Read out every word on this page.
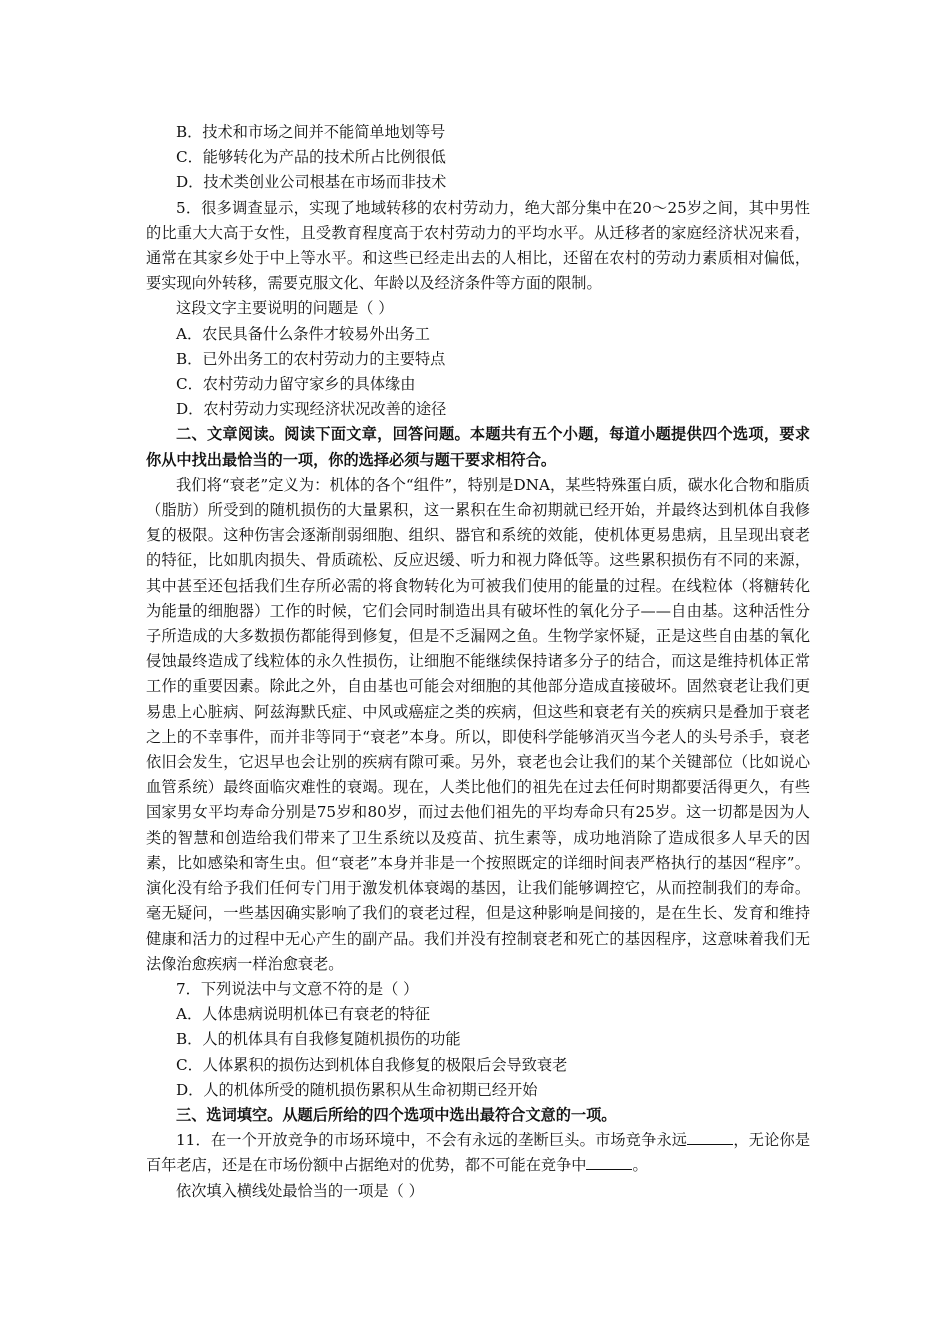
B．技术和市场之间并不能简单地划等号

C．能够转化为产品的技术所占比例很低

D．技术类创业公司根基在市场而非技术

5．很多调查显示，实现了地域转移的农村劳动力，绝大部分集中在20～25岁之间，其中男性的比重大大高于女性，且受教育程度高于农村劳动力的平均水平。从迁移者的家庭经济状况来看，通常在其家乡处于中上等水平。和这些已经走出去的人相比，还留在农村的劳动力素质相对偏低，要实现向外转移，需要克服文化、年龄以及经济条件等方面的限制。

这段文字主要说明的问题是（ ）

A．农民具备什么条件才较易外出务工

B．已外出务工的农村劳动力的主要特点

C．农村劳动力留守家乡的具体缘由

D．农村劳动力实现经济状况改善的途径

二、文章阅读。阅读下面文章，回答问题。本题共有五个小题，每道小题提供四个选项，要求你从中找出最恰当的一项，你的选择必须与题干要求相符合。

我们将“衰老”定义为：机体的各个“组件”，特别是DNA，某些特殊蛋白质，碳水化合物和脂质（脂肪）所受到的随机损伤的大量累积，这一累积在生命初期就已经开始，并最终达到机体自我修复的极限。这种伤害会逐渐削弱细胞、组织、器官和系统的效能，使机体更易患病，且呈现出衰老的特征，比如肌肉损失、骨质疏松、反应迟缓、听力和视力降低等。这些累积损伤有不同的来源，其中甚至还包括我们生存所必需的将食物转化为可被我们使用的能量的过程。在线粒体（将糖转化为能量的细胞器）工作的时候，它们会同时制造出具有破坏性的氧化分子——自由基。这种活性分子所造成的大多数损伤都能得到修复，但是不乏漏网之鱼。生物学家怀疑，正是这些自由基的氧化侵蚀最终造成了线粒体的永久性损伤，让细胞不能继续保持诸多分子的结合，而这是维持机体正常工作的重要因素。除此之外，自由基也可能会对细胞的其他部分造成直接破坏。固然衰老让我们更易患上心脏病、阿兹海默氏症、中风或癌症之类的疾病，但这些和衰老有关的疾病只是叠加于衰老之上的不幸事件，而并非等同于“衰老”本身。所以，即使科学能够消灭当今老人的头号杀手，衰老依旧会发生，它迟早也会让别的疾病有隙可乘。另外，衰老也会让我们的某个关键部位（比如说心血管系统）最终面临灾难性的衰竭。现在，人类比他们的祖先在过去任何时期都要活得更久，有些国家男女平均寿命分别是75岁和80岁，而过去他们祖先的平均寿命只有25岁。这一切都是因为人类的智慧和创造给我们带来了卫生系统以及疫苗、抗生素等，成功地消除了造成很多人早夭的因素，比如感染和寄生虫。但“衰老”本身并非是一个按照既定的详细时间表严格执行的基因“程序”。演化没有给予我们任何专门用于激发机体衰竭的基因，让我们能够调控它，从而控制我们的寿命。毫无疑问，一些基因确实影响了我们的衰老过程，但是这种影响是间接的，是在生长、发育和维持健康和活力的过程中无心产生的副产品。我们并没有控制衰老和死亡的基因程序，这意味着我们无法像治愈疾病一样治愈衰老。

7．下列说法中与文意不符的是（ ）

A．人体患病说明机体已有衰老的特征

B．人的机体具有自我修复随机损伤的功能

C．人体累积的损伤达到机体自我修复的极限后会导致衰老

D．人的机体所受的随机损伤累积从生命初期已经开始

三、选词填空。从题后所给的四个选项中选出最符合文意的一项。

11．在一个开放竞争的市场环境中，不会有永远的垄断巨头。市场竞争永远	，无论你是百年老店，还是在市场份额中占据绝对的优势，都不可能在竞争中	。

依次填入横线处最恰当的一项是（ ）
